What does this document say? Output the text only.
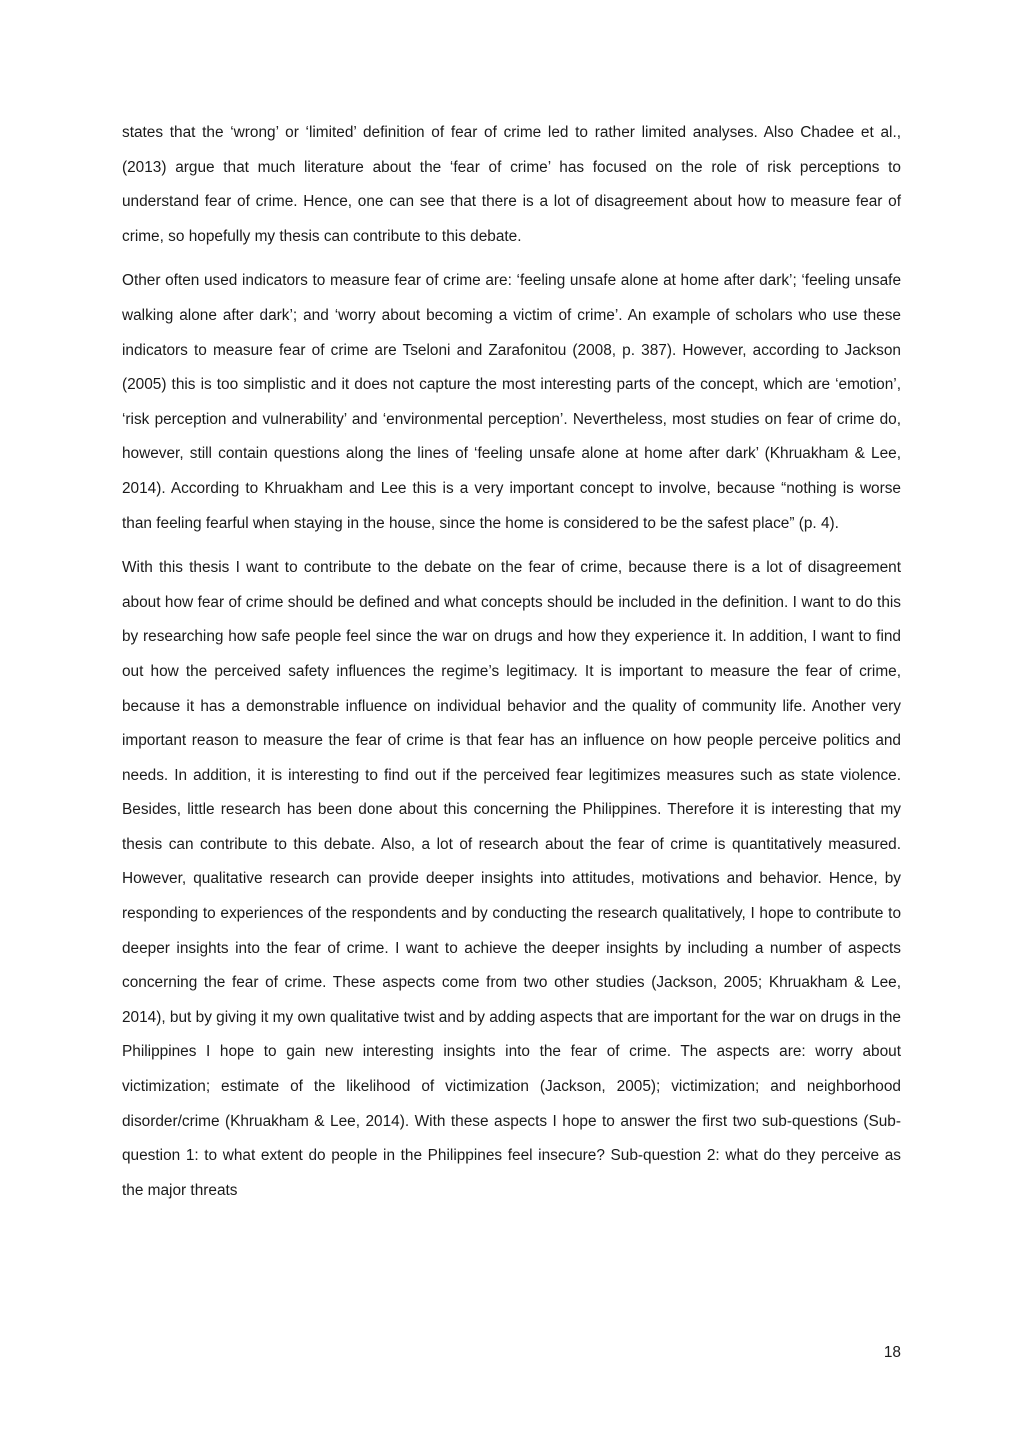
states that the ‘wrong’ or ‘limited’ definition of fear of crime led to rather limited analyses. Also Chadee et al., (2013) argue that much literature about the ‘fear of crime’ has focused on the role of risk perceptions to understand fear of crime. Hence, one can see that there is a lot of disagreement about how to measure fear of crime, so hopefully my thesis can contribute to this debate.

Other often used indicators to measure fear of crime are: ‘feeling unsafe alone at home after dark’; ‘feeling unsafe walking alone after dark’; and ‘worry about becoming a victim of crime’. An example of scholars who use these indicators to measure fear of crime are Tseloni and Zarafonitou (2008, p. 387). However, according to Jackson (2005) this is too simplistic and it does not capture the most interesting parts of the concept, which are ‘emotion’, ‘risk perception and vulnerability’ and ‘environmental perception’. Nevertheless, most studies on fear of crime do, however, still contain questions along the lines of ‘feeling unsafe alone at home after dark’ (Khruakham & Lee, 2014). According to Khruakham and Lee this is a very important concept to involve, because “nothing is worse than feeling fearful when staying in the house, since the home is considered to be the safest place” (p. 4).

With this thesis I want to contribute to the debate on the fear of crime, because there is a lot of disagreement about how fear of crime should be defined and what concepts should be included in the definition. I want to do this by researching how safe people feel since the war on drugs and how they experience it. In addition, I want to find out how the perceived safety influences the regime’s legitimacy. It is important to measure the fear of crime, because it has a demonstrable influence on individual behavior and the quality of community life. Another very important reason to measure the fear of crime is that fear has an influence on how people perceive politics and needs. In addition, it is interesting to find out if the perceived fear legitimizes measures such as state violence. Besides, little research has been done about this concerning the Philippines. Therefore it is interesting that my thesis can contribute to this debate. Also, a lot of research about the fear of crime is quantitatively measured. However, qualitative research can provide deeper insights into attitudes, motivations and behavior. Hence, by responding to experiences of the respondents and by conducting the research qualitatively, I hope to contribute to deeper insights into the fear of crime. I want to achieve the deeper insights by including a number of aspects concerning the fear of crime. These aspects come from two other studies (Jackson, 2005; Khruakham & Lee, 2014), but by giving it my own qualitative twist and by adding aspects that are important for the war on drugs in the Philippines I hope to gain new interesting insights into the fear of crime. The aspects are: worry about victimization; estimate of the likelihood of victimization (Jackson, 2005); victimization; and neighborhood disorder/crime (Khruakham & Lee, 2014). With these aspects I hope to answer the first two sub-questions (Sub-question 1: to what extent do people in the Philippines feel insecure? Sub-question 2: what do they perceive as the major threats

18
